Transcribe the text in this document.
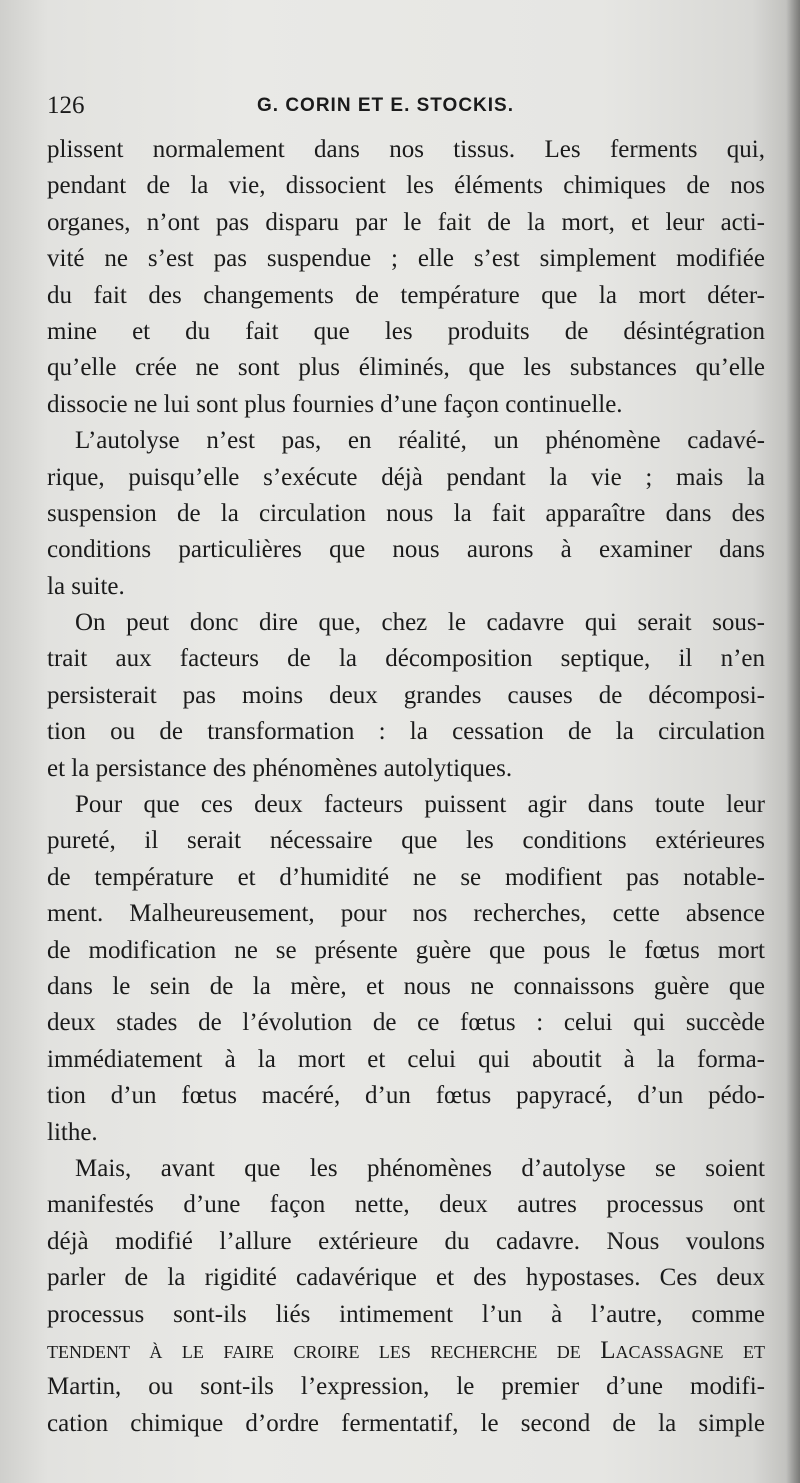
126	G. CORIN ET E. STOCKIS.
plissent normalement dans nos tissus. Les ferments qui,
pendant de la vie, dissocient les éléments chimiques de nos
organes, n’ont pas disparu par le fait de la mort, et leur acti-
vité ne s’est pas suspendue ; elle s’est simplement modifiée
du fait des changements de température que la mort déter-
mine et du fait que les produits de désintégration
qu’elle crée ne sont plus éliminés, que les substances qu’elle
dissocie ne lui sont plus fournies d’une façon continuelle.
L’autolyse n’est pas, en réalité, un phénomène cadavé-
rique, puisqu’elle s’exécute déjà pendant la vie ; mais la
suspension de la circulation nous la fait apparaître dans des
conditions particulières que nous aurons à examiner dans
la suite.
On peut donc dire que, chez le cadavre qui serait sous-
trait aux facteurs de la décomposition septique, il n’en
persisterait pas moins deux grandes causes de décomposi-
tion ou de transformation : la cessation de la circulation
et la persistance des phénomènes autolytiques.
Pour que ces deux facteurs puissent agir dans toute leur
pureté, il serait nécessaire que les conditions extérieures
de température et d’humidité ne se modifient pas notable-
ment. Malheureusement, pour nos recherches, cette absence
de modification ne se présente guère que pous le fœtus mort
dans le sein de la mère, et nous ne connaissons guère que
deux stades de l’évolution de ce fœtus : celui qui succède
immédiatement à la mort et celui qui aboutit à la forma-
tion d’un fœtus macéré, d’un fœtus papyracé, d’un pédo-
lithe.
Mais, avant que les phénomènes d’autolyse se soient
manifestés d’une façon nette, deux autres processus ont
déjà modifié l’allure extérieure du cadavre. Nous voulons
parler de la rigidité cadavérique et des hypostases. Ces deux
processus sont-ils liés intimement l’un à l’autre, comme
tendent à le faire croire les recherche de Lacassagne et
Martin, ou sont-ils l’expression, le premier d’une modifi-
cation chimique d’ordre fermentatif, le second de la simple
